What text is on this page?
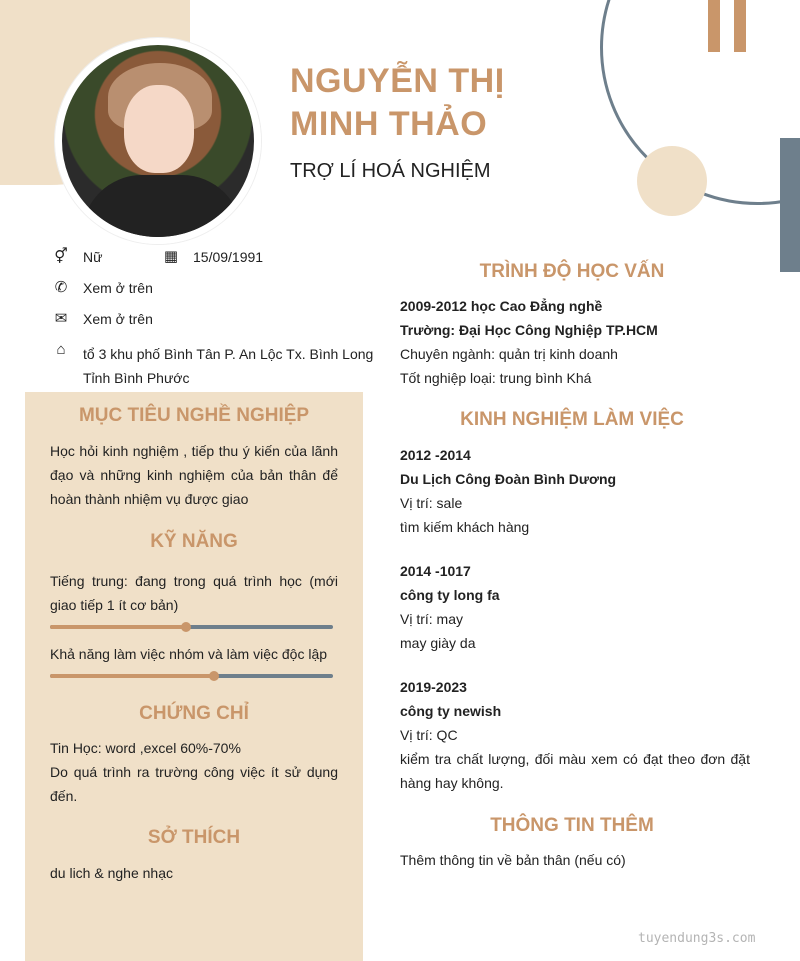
NGUYỄN THỊ
MINH THẢO
TRỢ LÍ HOÁ NGHIỆM
⚥ Nữ	▦ 15/09/1991
✆ Xem ở trên
✉ Xem ở trên
⌂	tổ 3 khu phố Bình Tân P. An Lộc Tx. Bình Long
Tỉnh Bình Phước
MỤC TIÊU NGHỀ NGHIỆP
Học hỏi kinh nghiệm , tiếp thu ý kiến của lãnh đạo và những kinh nghiệm của bản thân để hoàn thành nhiệm vụ được giao
KỸ NĂNG
Tiếng trung: đang trong quá trình học (mới giao tiếp 1 ít cơ bản)
Khả năng làm việc nhóm và làm việc độc lập
CHỨNG CHỈ
Tin Học: word ,excel 60%-70%
Do quá trình ra trường công việc ít sử dụng đến.
SỞ THÍCH
du lich & nghe nhạc
TRÌNH ĐỘ HỌC VẤN
2009-2012 học Cao Đẳng nghề
Trường: Đại Học Công Nghiệp TP.HCM
Chuyên ngành: quản trị kinh doanh
Tốt nghiệp loại: trung bình Khá
KINH NGHIỆM LÀM VIỆC
2012 -2014
Du Lịch Công Đoàn Bình Dương
Vị trí: sale
tìm kiếm khách hàng
2014 -1017
công ty long fa
Vị trí: may
may giày da
2019-2023
công ty newish
Vị trí: QC
kiểm tra chất lượng, đối màu xem có đạt theo đơn đặt hàng hay không.
THÔNG TIN THÊM
Thêm thông tin về bản thân (nếu có)
tuyendung3s.com
